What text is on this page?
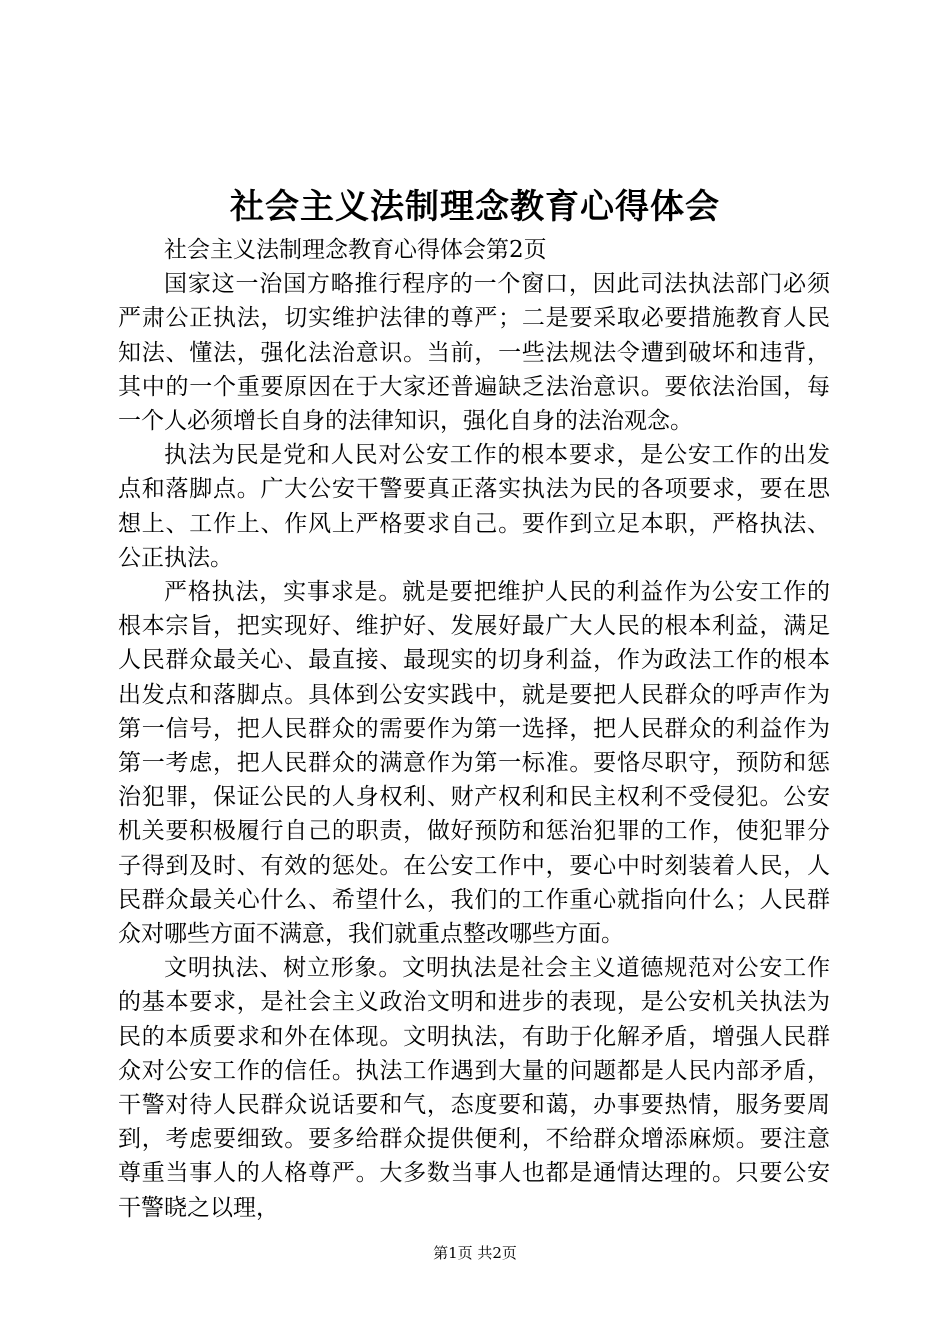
社会主义法制理念教育心得体会

社会主义法制理念教育心得体会第2页

国家这一治国方略推行程序的一个窗口，因此司法执法部门必须严肃公正执法，切实维护法律的尊严；二是要采取必要措施教育人民知法、懂法，强化法治意识。当前，一些法规法令遭到破坏和违背，其中的一个重要原因在于大家还普遍缺乏法治意识。要依法治国，每一个人必须增长自身的法律知识，强化自身的法治观念。

执法为民是党和人民对公安工作的根本要求，是公安工作的出发点和落脚点。广大公安干警要真正落实执法为民的各项要求，要在思想上、工作上、作风上严格要求自己。要作到立足本职，严格执法、公正执法。

严格执法，实事求是。就是要把维护人民的利益作为公安工作的根本宗旨，把实现好、维护好、发展好最广大人民的根本利益，满足人民群众最关心、最直接、最现实的切身利益，作为政法工作的根本出发点和落脚点。具体到公安实践中，就是要把人民群众的呼声作为第一信号，把人民群众的需要作为第一选择，把人民群众的利益作为第一考虑，把人民群众的满意作为第一标准。要恪尽职守，预防和惩治犯罪，保证公民的人身权利、财产权利和民主权利不受侵犯。公安机关要积极履行自己的职责，做好预防和惩治犯罪的工作，使犯罪分子得到及时、有效的惩处。在公安工作中，要心中时刻装着人民，人民群众最关心什么、希望什么，我们的工作重心就指向什么；人民群众对哪些方面不满意，我们就重点整改哪些方面。

文明执法、树立形象。文明执法是社会主义道德规范对公安工作的基本要求，是社会主义政治文明和进步的表现，是公安机关执法为民的本质要求和外在体现。文明执法，有助于化解矛盾，增强人民群众对公安工作的信任。执法工作遇到大量的问题都是人民内部矛盾，干警对待人民群众说话要和气，态度要和蔼，办事要热情，服务要周到，考虑要细致。要多给群众提供便利，不给群众增添麻烦。要注意尊重当事人的人格尊严。大多数当事人也都是通情达理的。只要公安干警晓之以理，

第1页 共2页
